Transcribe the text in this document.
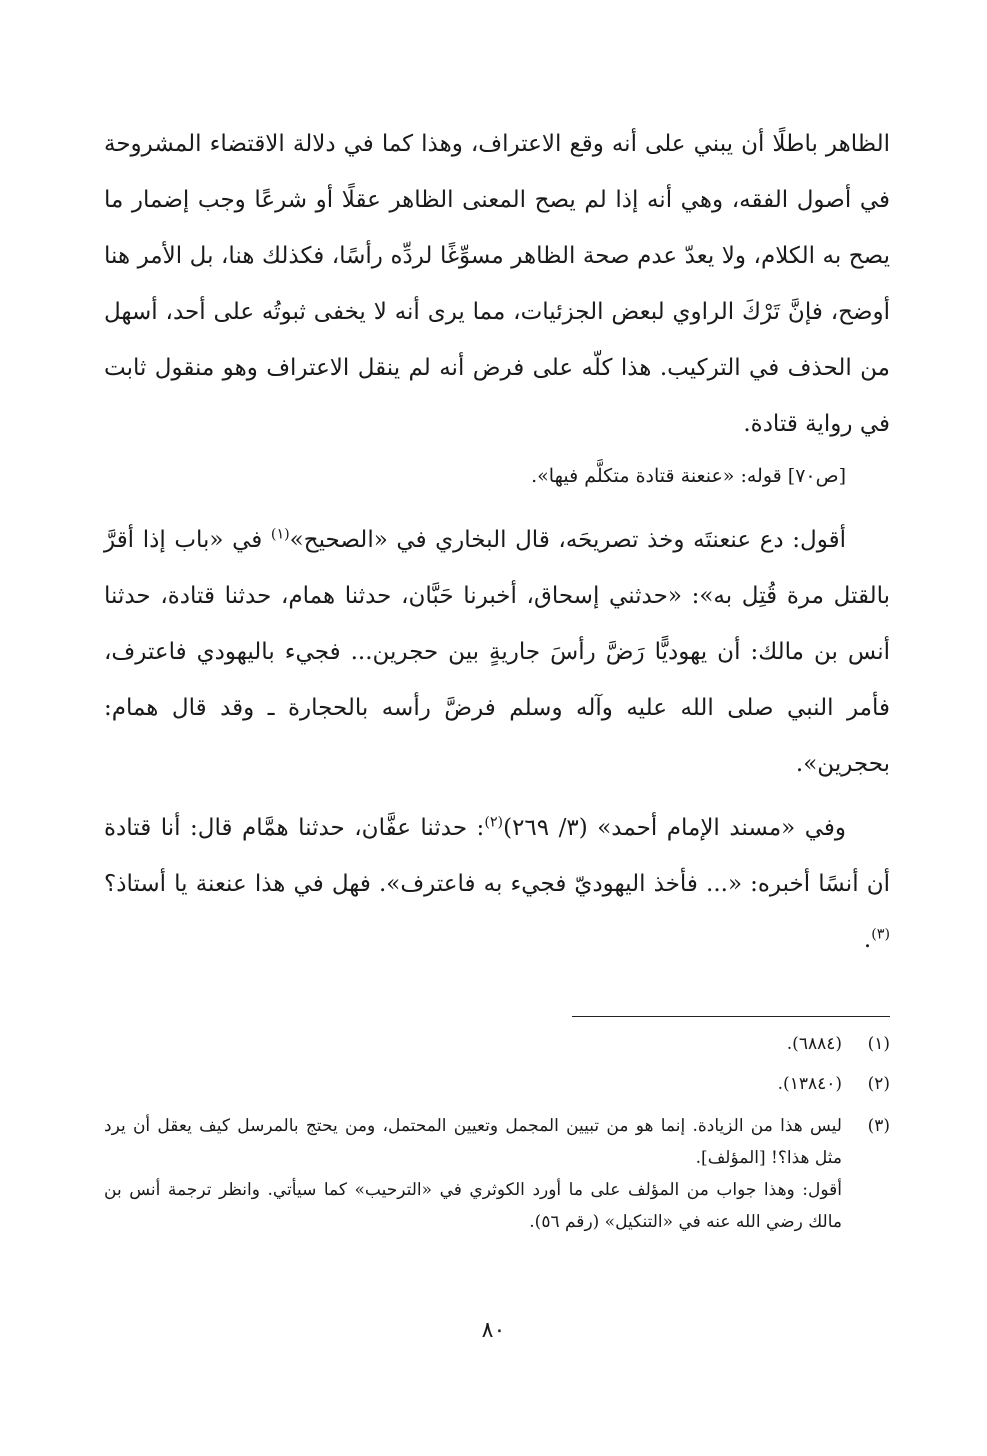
الظاهر باطلًا أن يبني على أنه وقع الاعتراف، وهذا كما في دلالة الاقتضاء المشروحة في أصول الفقه، وهي أنه إذا لم يصح المعنى الظاهر عقلًا أو شرعًا وجب إضمار ما يصح به الكلام، ولا يعدّ عدم صحة الظاهر مسوِّغًا لردِّه رأسًا، فكذلك هنا، بل الأمر هنا أوضح، فإنَّ تَرْكَ الراوي لبعض الجزئيات، مما يرى أنه لا يخفى ثبوتُه على أحد، أسهل من الحذف في التركيب. هذا كلّه على فرض أنه لم ينقل الاعتراف وهو منقول ثابت في رواية قتادة.

[ص٧٠] قوله: «عنعنة قتادة متكلَّم فيها».

أقول: دع عنعنتَه وخذ تصريحَه، قال البخاري في «الصحيح»$^{(١)}$ في «باب إذا أقرَّ بالقتل مرة قُتِل به»: «حدثني إسحاق، أخبرنا حَبَّان، حدثنا همام، حدثنا قتادة، حدثنا أنس بن مالك: أن يهوديًّا رَضَّ رأسَ جاريةٍ بين حجرين... فجيء باليهودي فاعترف، فأمر النبي صلى الله عليه وآله وسلم فرضَّ رأسه بالحجارة ـ وقد قال همام: بحجرين».

وفي «مسند الإمام أحمد» (٣/ ٢٦٩)$^{(٢)}$: حدثنا عفَّان، حدثنا همَّام قال: أنا قتادة أن أنسًا أخبره: «... فأخذ اليهوديّ فجيء به فاعترف». فهل في هذا عنعنة يا أستاذ؟$^{(٣)}$.

(١)
(٦٨٨٤).
(٢)
(١٣٨٤٠).
(٣)
ليس هذا من الزيادة. إنما هو من تبيين المجمل وتعيين المحتمل، ومن يحتج بالمرسل كيف يعقل أن يرد مثل هذا؟! [المؤلف].
أقول: وهذا جواب من المؤلف على ما أورد الكوثري في «الترحيب» كما سيأتي. وانظر ترجمة أنس بن مالك رضي الله عنه في «التنكيل» (رقم ٥٦).
٨٠
